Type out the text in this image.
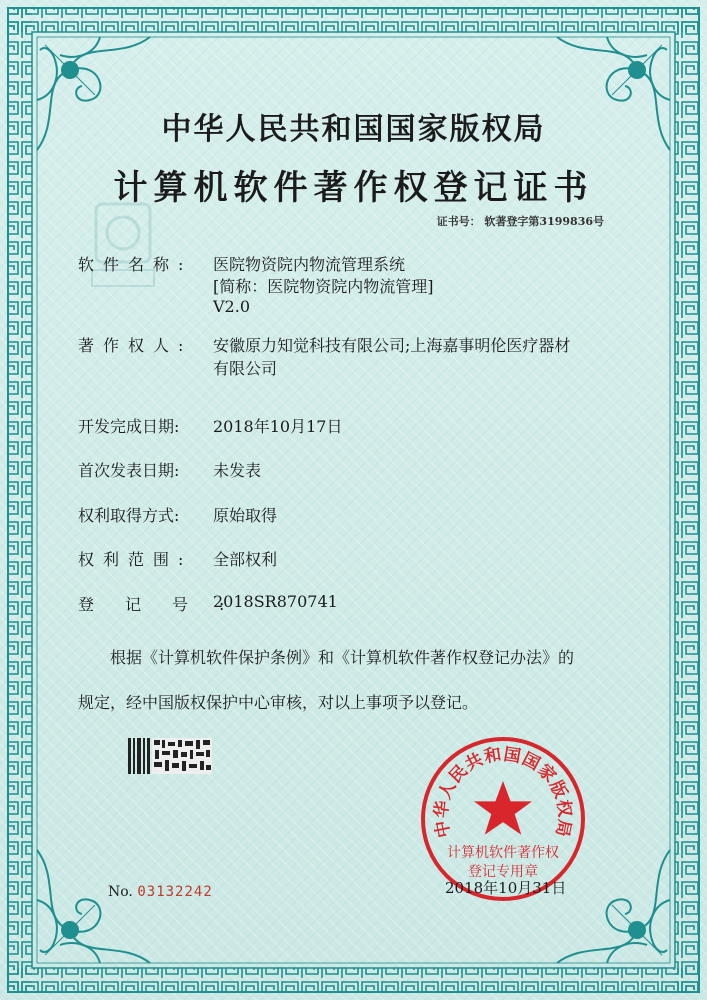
中华人民共和国国家版权局
计算机软件著作权登记证书
证书号： 软著登字第3199836号
软件名称: 医院物资院内物流管理系统
[简称：医院物资院内物流管理]
V2.0
著作权人: 安徽原力知觉科技有限公司;上海嘉事明伦医疗器材
有限公司
开发完成日期: 2018年10月17日
首次发表日期: 未发表
权利取得方式: 原始取得
权利范围: 全部权利
登记号:
2018SR870741
根据《计算机软件保护条例》和《计算机软件著作权登记办法》的
规定，经中国版权保护中心审核，对以上事项予以登记。
中华人民共和国国家版权局
计算机软件著作权
登记专用章
No. 03132242	2018年10月31日
